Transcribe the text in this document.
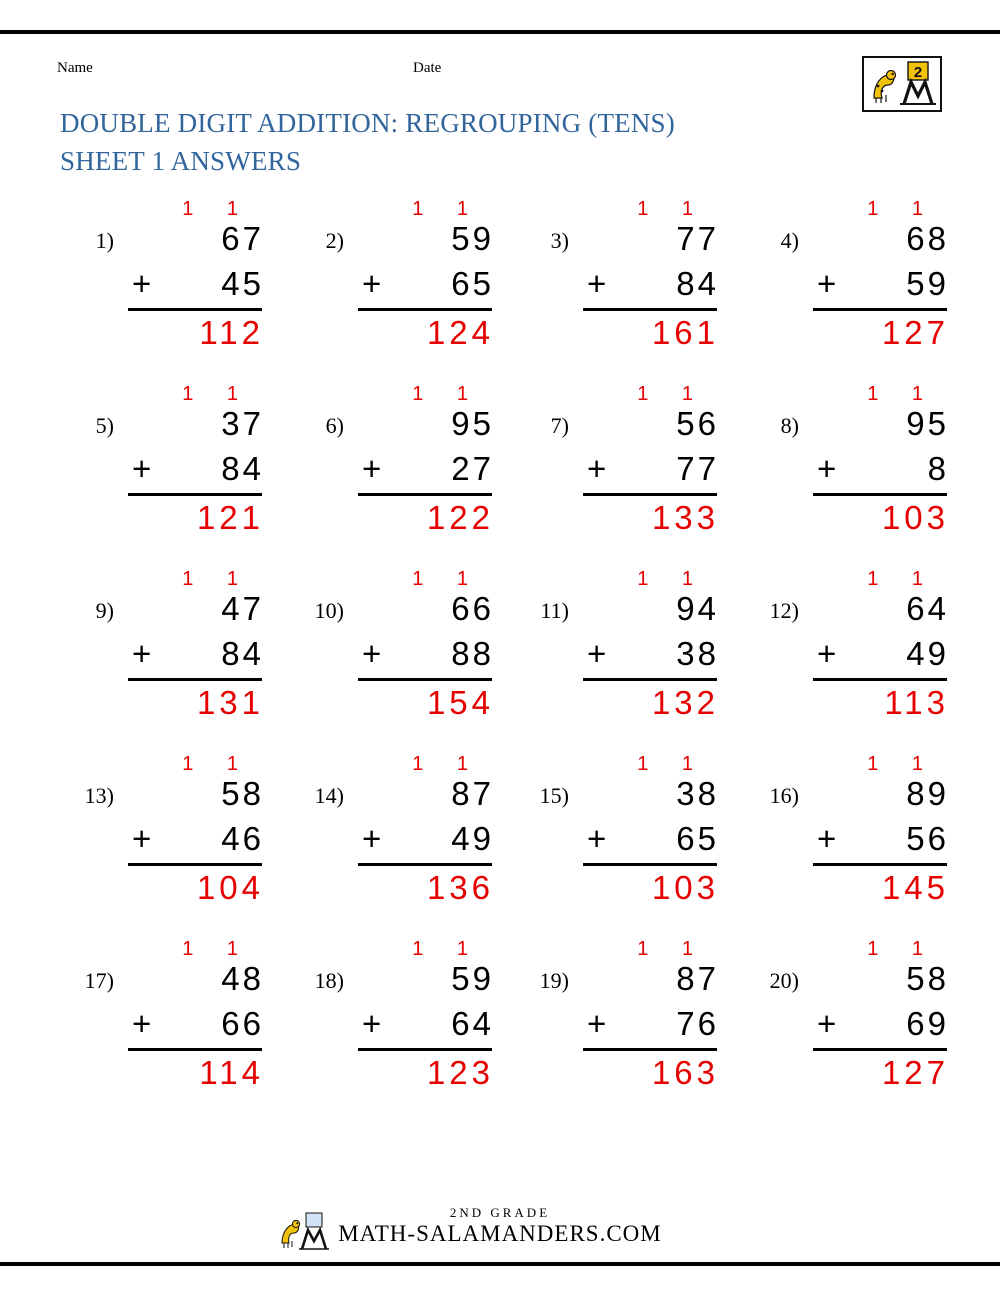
Name	Date
DOUBLE DIGIT ADDITION: REGROUPING (TENS)
SHEET 1 ANSWERS
2
1)
1 1
67
+ 45
112
2)
1 1
59
+ 65
124
3)
1 1
77
+ 84
161
4)
1 1
68
+ 59
127
5)
1 1
37
+ 84
121
6)
1 1
95
+ 27
122
7)
1 1
56
+ 77
133
8)
1 1
95
+	8
103
9)
1 1
47
+ 84
131
10)
1 1
66
+ 88
154
11)
1 1
94
+ 38
132
12)
1 1
64
+ 49
113
13)
1 1
58
+ 46
104
14)
1 1
87
+ 49
136
15)
1 1
38
+ 65
103
16)
1 1
89
+ 56
145
17)
1 1
48
+ 66
114
18)
1 1
59
+ 64
123
19)
1 1
87
+ 76
163
20)
1 1
58
+ 69
127
2ND GRADE
MATH-SALAMANDERS.COM
